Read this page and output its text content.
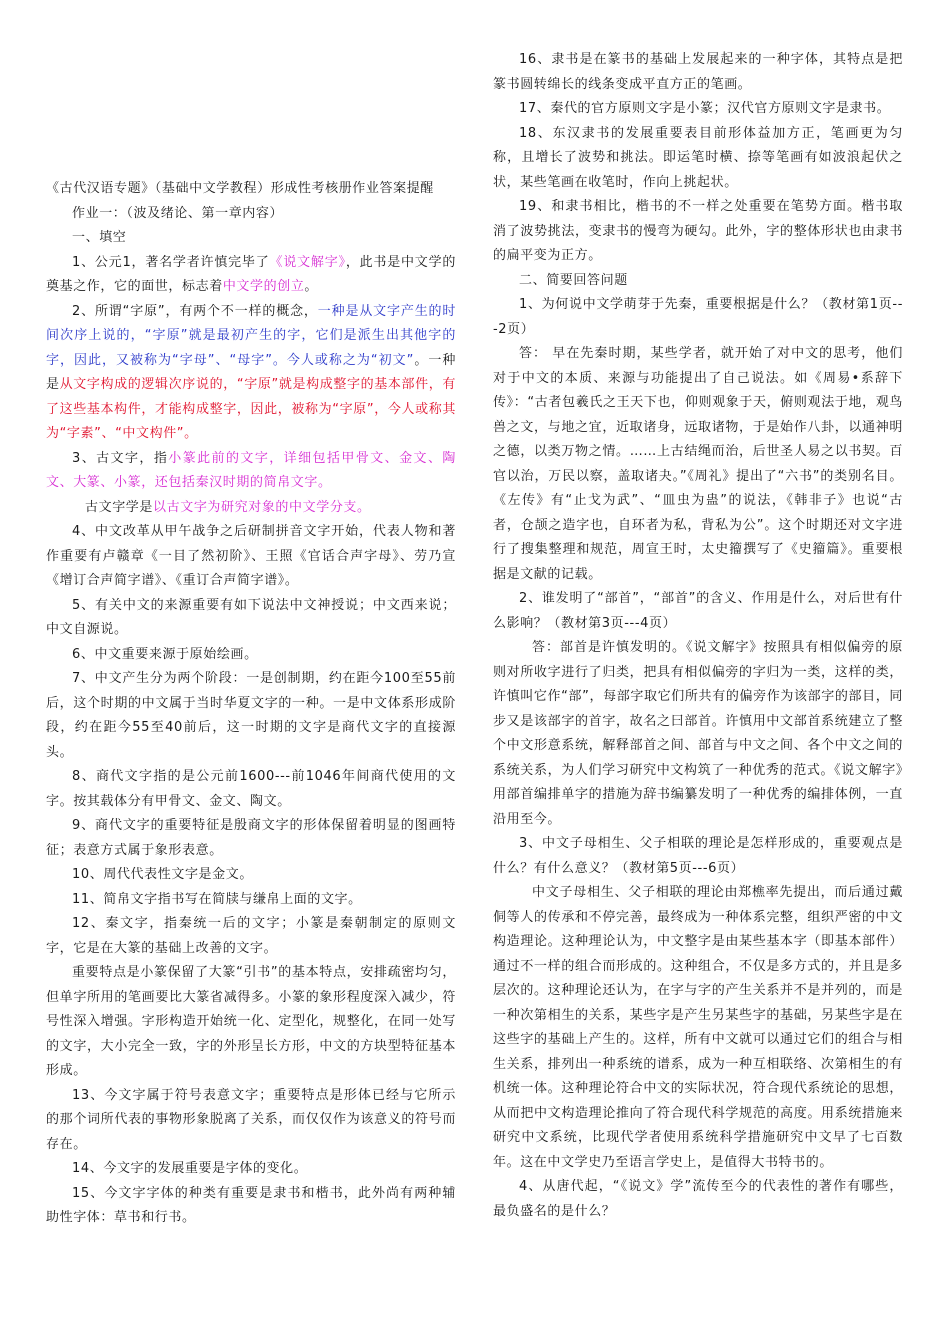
《古代汉语专题》（基础中文学教程）形成性考核册作业答案提醒

作业一：（波及绪论、第一章内容）

一、填空

1、公元1，著名学者许慎完毕了《说文解字》，此书是中文学的奠基之作，它的面世，标志着中文学的创立。

2、所谓“字原”，有两个不一样的概念，一种是从文字产生的时间次序上说的，“字原”就是最初产生的字，它们是派生出其他字的字，因此，又被称为“字母”、“母字”。今人或称之为“初文”。一种是从文字构成的逻辑次序说的，“字原”就是构成整字的基本部件，有了这些基本构件，才能构成整字，因此，被称为“字原”，今人或称其为“字素”、“中文构件”。

3、古文字，指小篆此前的文字，详细包括甲骨文、金文、陶文、大篆、小篆，还包括秦汉时期的简帛文字。

古文字学是以古文字为研究对象的中文学分支。

4、中文改革从甲午战争之后研制拼音文字开始，代表人物和著作重要有卢赣章《一目了然初阶》、王照《官话合声字母》、劳乃宣《增订合声简字谱》、《重订合声简字谱》。

5、有关中文的来源重要有如下说法中文神授说；中文西来说；中文自源说。

6、中文重要来源于原始绘画。

7、中文产生分为两个阶段：一是创制期，约在距今100至55前后，这个时期的中文属于当时华夏文字的一种。一是中文体系形成阶段，约在距今55至40前后，这一时期的文字是商代文字的直接源头。

8、商代文字指的是公元前1600---前1046年间商代使用的文字。按其载体分有甲骨文、金文、陶文。

9、商代文字的重要特征是殷商文字的形体保留着明显的图画特征；表意方式属于象形表意。

10、周代代表性文字是金文。

11、简帛文字指书写在简牍与缣帛上面的文字。

12、秦文字，指秦统一后的文字；小篆是秦朝制定的原则文字，它是在大篆的基础上改善的文字。

重要特点是小篆保留了大篆“引书”的基本特点，安排疏密均匀，但单字所用的笔画要比大篆省减得多。小篆的象形程度深入减少，符号性深入增强。字形构造开始统一化、定型化，规整化，在同一处写的文字，大小完全一致，字的外形呈长方形，中文的方块型特征基本形成。

13、今文字属于符号表意文字；重要特点是形体已经与它所示的那个词所代表的事物形象脱离了关系，而仅仅作为该意义的符号而存在。

14、今文字的发展重要是字体的变化。

15、今文字字体的种类有重要是隶书和楷书，此外尚有两种辅助性字体：草书和行书。

16、隶书是在篆书的基础上发展起来的一种字体，其特点是把篆书圆转绵长的线条变成平直方正的笔画。

17、秦代的官方原则文字是小篆；汉代官方原则文字是隶书。

18、东汉隶书的发展重要表目前形体益加方正，笔画更为匀称，且增长了波势和挑法。即运笔时横、捺等笔画有如波浪起伏之状，某些笔画在收笔时，作向上挑起状。

19、和隶书相比，楷书的不一样之处重要在笔势方面。楷书取消了波势挑法，变隶书的慢弯为硬勾。此外，字的整体形状也由隶书的扁平变为正方。

二、简要回答问题

1、为何说中文学萌芽于先秦，重要根据是什么？（教材第1页---2页）

答： 早在先秦时期，某些学者，就开始了对中文的思考，他们对于中文的本质、来源与功能提出了自己说法。如《周易•系辞下传》：“古者包羲氏之王天下也，仰则观象于天，俯则观法于地，观鸟兽之文，与地之宜，近取诸身，远取诸物，于是始作八卦，以通神明之德，以类万物之情。……上古结绳而治，后世圣人易之以书契。百官以治，万民以察，盖取诸夬。”《周礼》提出了“六书”的类别名目。《左传》有“止戈为武”、“皿虫为蛊”的说法，《韩非子》也说“古者，仓颉之造字也，自环者为私，背私为公”。这个时期还对文字进行了搜集整理和规范，周宣王时，太史籀撰写了《史籀篇》。重要根据是文献的记载。

2、谁发明了“部首”，“部首”的含义、作用是什么，对后世有什么影响？（教材第3页---4页）

答：部首是许慎发明的。《说文解字》按照具有相似偏旁的原则对所收字进行了归类，把具有相似偏旁的字归为一类，这样的类，许慎叫它作“部”，每部字取它们所共有的偏旁作为该部字的部目，同步又是该部字的首字，故名之曰部首。许慎用中文部首系统建立了整个中文形意系统，解释部首之间、部首与中文之间、各个中文之间的系统关系，为人们学习研究中文构筑了一种优秀的范式。《说文解字》用部首编排单字的措施为辞书编纂发明了一种优秀的编排体例，一直沿用至今。

3、中文子母相生、父子相联的理论是怎样形成的，重要观点是什么？有什么意义？（教材第5页---6页）

中文子母相生、父子相联的理论由郑樵率先提出，而后通过戴侗等人的传承和不停完善，最终成为一种体系完整，组织严密的中文构造理论。这种理论认为，中文整字是由某些基本字（即基本部件）通过不一样的组合而形成的。这种组合，不仅是多方式的，并且是多层次的。这种理论还认为，在字与字的产生关系并不是并列的，而是一种次第相生的关系，某些字是产生另某些字的基础，另某些字是在这些字的基础上产生的。这样，所有中文就可以通过它们的组合与相生关系，排列出一种系统的谱系，成为一种互相联络、次第相生的有机统一体。这种理论符合中文的实际状况，符合现代系统论的思想，从而把中文构造理论推向了符合现代科学规范的高度。用系统措施来研究中文系统，比现代学者使用系统科学措施研究中文早了七百数年。这在中文学史乃至语言学史上，是值得大书特书的。

4、从唐代起，“《说文》学”流传至今的代表性的著作有哪些，最负盛名的是什么？
